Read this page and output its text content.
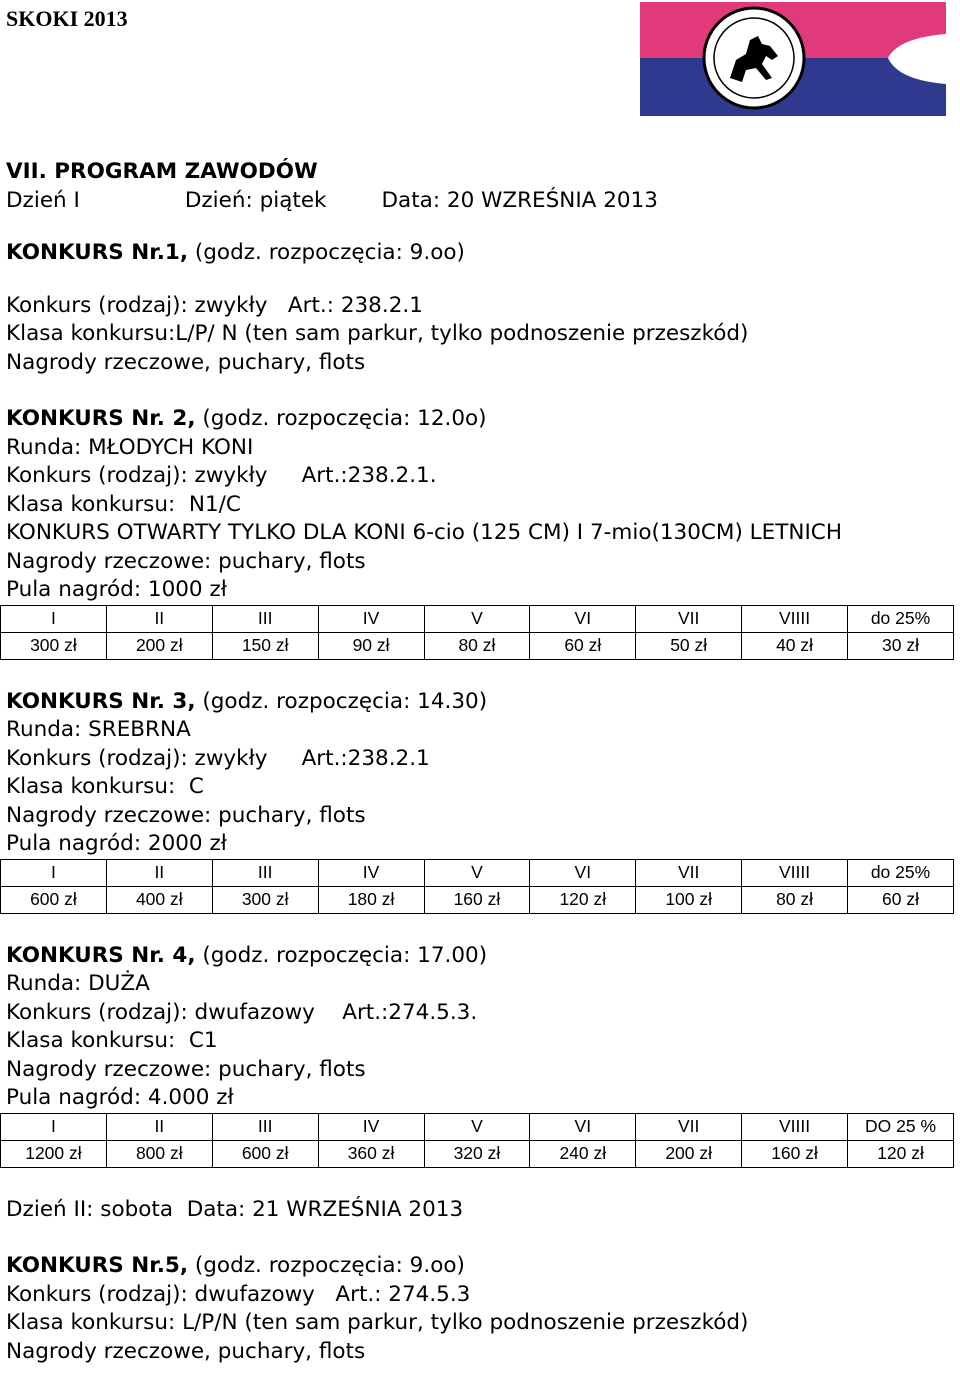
SKOKI 2013
VII. PROGRAM ZAWODÓW
Dzień I	Dzień: piątek	Data: 20 WZREŚNIA 2013
KONKURS Nr.1, (godz. rozpoczęcia: 9.oo)
Konkurs (rodzaj): zwykły   Art.: 238.2.1
Klasa konkursu:L/P/ N (ten sam parkur, tylko podnoszenie przeszkód)
Nagrody rzeczowe, puchary, flots
KONKURS Nr. 2, (godz. rozpoczęcia: 12.0o)
Runda: MŁODYCH KONI
Konkurs (rodzaj): zwykły     Art.:238.2.1.
Klasa konkursu:  N1/C
KONKURS OTWARTY TYLKO DLA KONI 6-cio (125 CM) I 7-mio(130CM) LETNICH
Nagrody rzeczowe: puchary, flots
Pula nagród: 1000 zł
I	II	III	IV	V	VI	VII	VIIII	do 25%
300 zł	200 zł	150 zł	90 zł	80 zł	60 zł	50 zł	40 zł	30 zł
KONKURS Nr. 3, (godz. rozpoczęcia: 14.30)
Runda: SREBRNA
Konkurs (rodzaj): zwykły     Art.:238.2.1
Klasa konkursu:  C
Nagrody rzeczowe: puchary, flots
Pula nagród: 2000 zł
I	II	III	IV	V	VI	VII	VIIII	do 25%
600 zł	400 zł	300 zł	180 zł	160 zł	120 zł	100 zł	80 zł	60 zł
KONKURS Nr. 4, (godz. rozpoczęcia: 17.00)
Runda: DUŻA
Konkurs (rodzaj): dwufazowy    Art.:274.5.3.
Klasa konkursu:  C1
Nagrody rzeczowe: puchary, flots
Pula nagród: 4.000 zł
I	II	III	IV	V	VI	VII	VIIII	DO 25 %
1200 zł	800 zł	600 zł	360 zł	320 zł	240 zł	200 zł	160 zł	120 zł
Dzień II: sobota  Data: 21 WRZEŚNIA 2013
KONKURS Nr.5, (godz. rozpoczęcia: 9.oo)
Konkurs (rodzaj): dwufazowy   Art.: 274.5.3
Klasa konkursu: L/P/N (ten sam parkur, tylko podnoszenie przeszkód)
Nagrody rzeczowe, puchary, flots
